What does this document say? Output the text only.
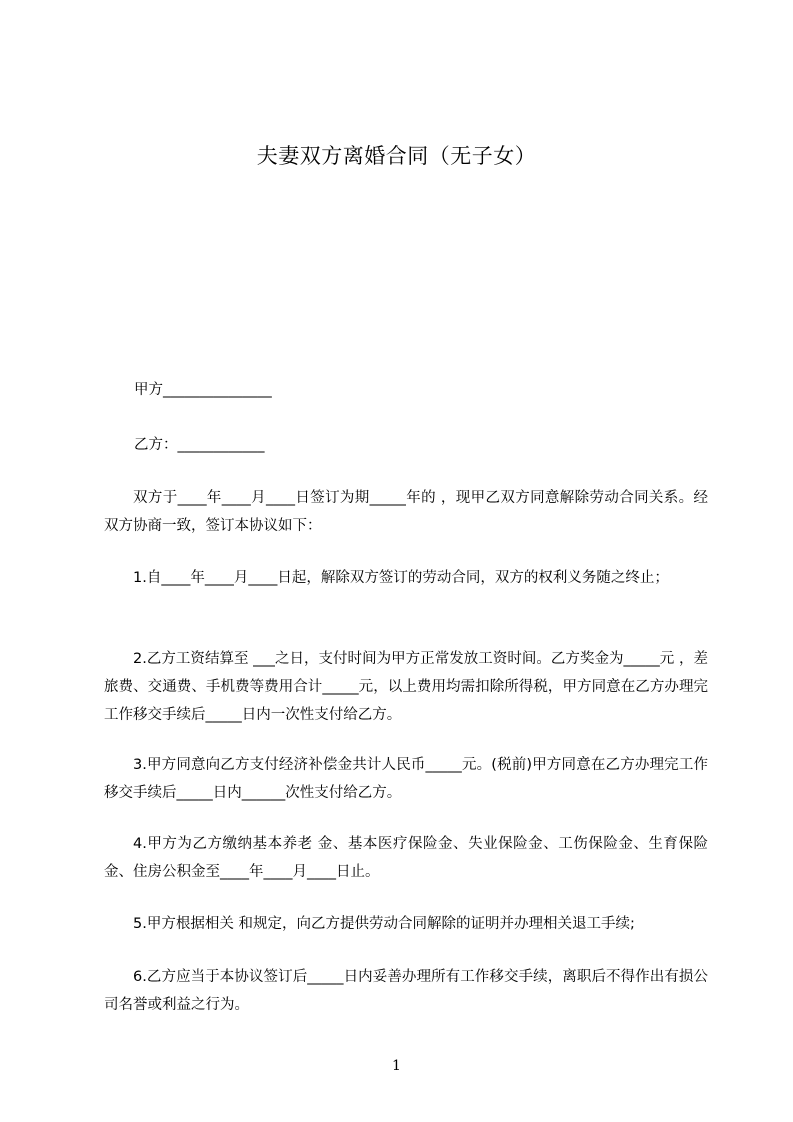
夫妻双方离婚合同（无子女）
甲方_______________
乙方：____________
双方于____年____月____日签订为期_____年的 ，现甲乙双方同意解除劳动合同关系。经双方协商一致，签订本协议如下：
1.自____年____月____日起，解除双方签订的劳动合同，双方的权利义务随之终止；
2.乙方工资结算至 ___之日，支付时间为甲方正常发放工资时间。乙方奖金为_____元 ，差旅费、交通费、手机费等费用合计_____元，以上费用均需扣除所得税，甲方同意在乙方办理完工作移交手续后_____日内一次性支付给乙方。
3.甲方同意向乙方支付经济补偿金共计人民币_____元。(税前)甲方同意在乙方办理完工作移交手续后_____日内______次性支付给乙方。
4.甲方为乙方缴纳基本养老 金、基本医疗保险金、失业保险金、工伤保险金、生育保险金、住房公积金至____年____月____日止。
5.甲方根据相关 和规定，向乙方提供劳动合同解除的证明并办理相关退工手续;
6.乙方应当于本协议签订后_____日内妥善办理所有工作移交手续，离职后不得作出有损公司名誉或利益之行为。
1
